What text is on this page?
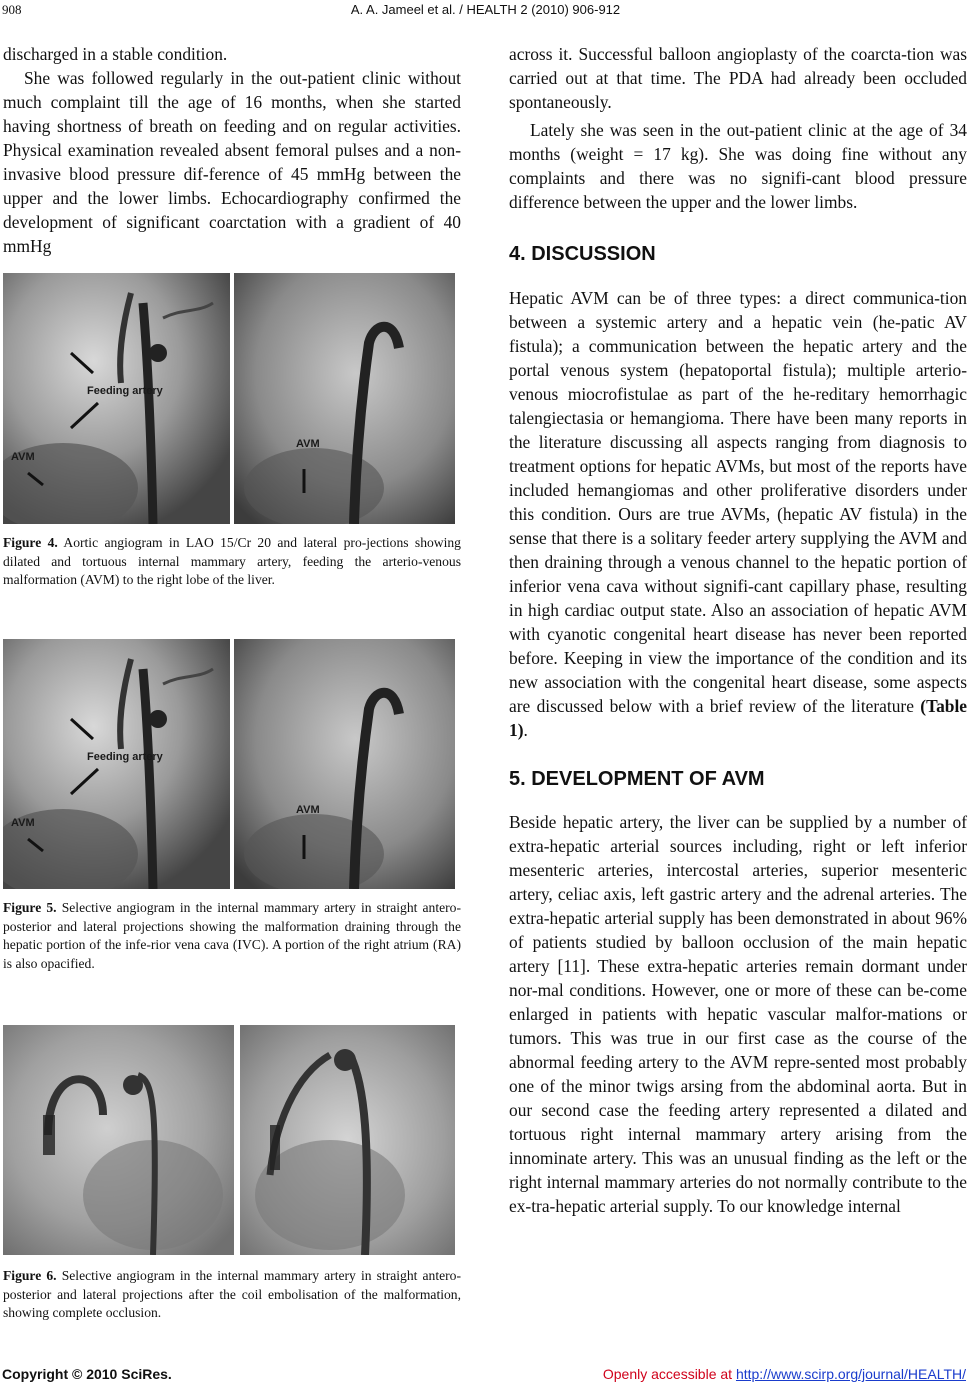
908	A. A. Jameel et al. / HEALTH 2 (2010) 906-912

discharged in a stable condition.

She was followed regularly in the out-patient clinic without much complaint till the age of 16 months, when she started having shortness of breath on feeding and on regular activities. Physical examination revealed absent femoral pulses and a non-invasive blood pressure dif-ference of 45 mmHg between the upper and the lower limbs. Echocardiography confirmed the development of significant coarctation with a gradient of 40 mmHg

Feeding artery
AVM
AVM
Figure 4. Aortic angiogram in LAO 15/Cr 20 and lateral pro-jections showing dilated and tortuous internal mammary artery, feeding the arterio-venous malformation (AVM) to the right lobe of the liver.
Feeding artery
AVM
AVM
Figure 5. Selective angiogram in the internal mammary artery in straight antero-posterior and lateral projections showing the malformation draining through the hepatic portion of the infe-rior vena cava (IVC). A portion of the right atrium (RA) is also opacified.
Figure 6. Selective angiogram in the internal mammary artery in straight antero-posterior and lateral projections after the coil embolisation of the malformation, showing complete occlusion.

across it. Successful balloon angioplasty of the coarcta-tion was carried out at that time. The PDA had already been occluded spontaneously.

Lately she was seen in the out-patient clinic at the age of 34 months (weight = 17 kg). She was doing fine without any complaints and there was no signifi-cant blood pressure difference between the upper and the lower limbs.

4. DISCUSSION

Hepatic AVM can be of three types: a direct communica-tion between a systemic artery and a hepatic vein (he-patic AV fistula); a communication between the hepatic artery and the portal venous system (hepatoportal fistula); multiple arterio-venous miocrofistulae as part of the he-reditary hemorrhagic talengiectasia or hemangioma. There have been many reports in the literature discussing all aspects ranging from diagnosis to treatment options for hepatic AVMs, but most of the reports have included hemangiomas and other proliferative disorders under this condition. Ours are true AVMs, (hepatic AV fistula) in the sense that there is a solitary feeder artery supplying the AVM and then draining through a venous channel to the hepatic portion of inferior vena cava without signifi-cant capillary phase, resulting in high cardiac output state. Also an association of hepatic AVM with cyanotic congenital heart disease has never been reported before. Keeping in view the importance of the condition and its new association with the congenital heart disease, some aspects are discussed below with a brief review of the literature (Table 1).

5. DEVELOPMENT OF AVM

Beside hepatic artery, the liver can be supplied by a number of extra-hepatic arterial sources including, right or left inferior mesenteric arteries, intercostal arteries, superior mesenteric artery, celiac axis, left gastric artery and the adrenal arteries. The extra-hepatic arterial supply has been demonstrated in about 96% of patients studied by balloon occlusion of the main hepatic artery [11]. These extra-hepatic arteries remain dormant under nor-mal conditions. However, one or more of these can be-come enlarged in patients with hepatic vascular malfor-mations or tumors. This was true in our first case as the course of the abnormal feeding artery to the AVM repre-sented most probably one of the minor twigs arsing from the abdominal aorta. But in our second case the feeding artery represented a dilated and tortuous right internal mammary artery arising from the innominate artery. This was an unusual finding as the left or the right internal mammary arteries do not normally contribute to the ex-tra-hepatic arterial supply. To our knowledge internal

Copyright © 2010 SciRes.	Openly accessible at http://www.scirp.org/journal/HEALTH/
